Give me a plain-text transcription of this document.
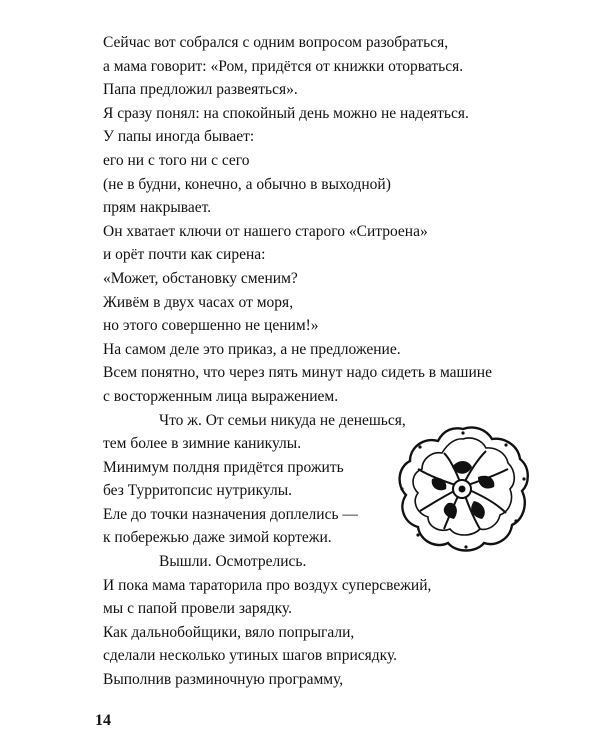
Сейчас вот собрался с одним вопросом разобраться,
а мама говорит: «Ром, придётся от книжки оторваться.
Папа предложил развеяться».
Я сразу понял: на спокойный день можно не надеяться.
У папы иногда бывает:
его ни с того ни с сего
(не в будни, конечно, а обычно в выходной)
прям накрывает.
Он хватает ключи от нашего старого «Ситроена»
и орёт почти как сирена:
«Может, обстановку сменим?
Живём в двух часах от моря,
но этого совершенно не ценим!»
На самом деле это приказ, а не предложение.
Всем понятно, что через пять минут надо сидеть в машине
с восторженным лица выражением.
Что ж. От семьи никуда не денешься,
тем более в зимние каникулы.
Минимум полдня придётся прожить
без Турритопсис нутрикулы.
Еле до точки назначения доплелись —
к побережью даже зимой кортежи.
Вышли. Осмотрелись.
И пока мама тараторила про воздух суперсвежий,
мы с папой провели зарядку.
Как дальнобойщики, вяло попрыгали,
сделали несколько утиных шагов вприсядку.
Выполнив разминочную программу,
14
